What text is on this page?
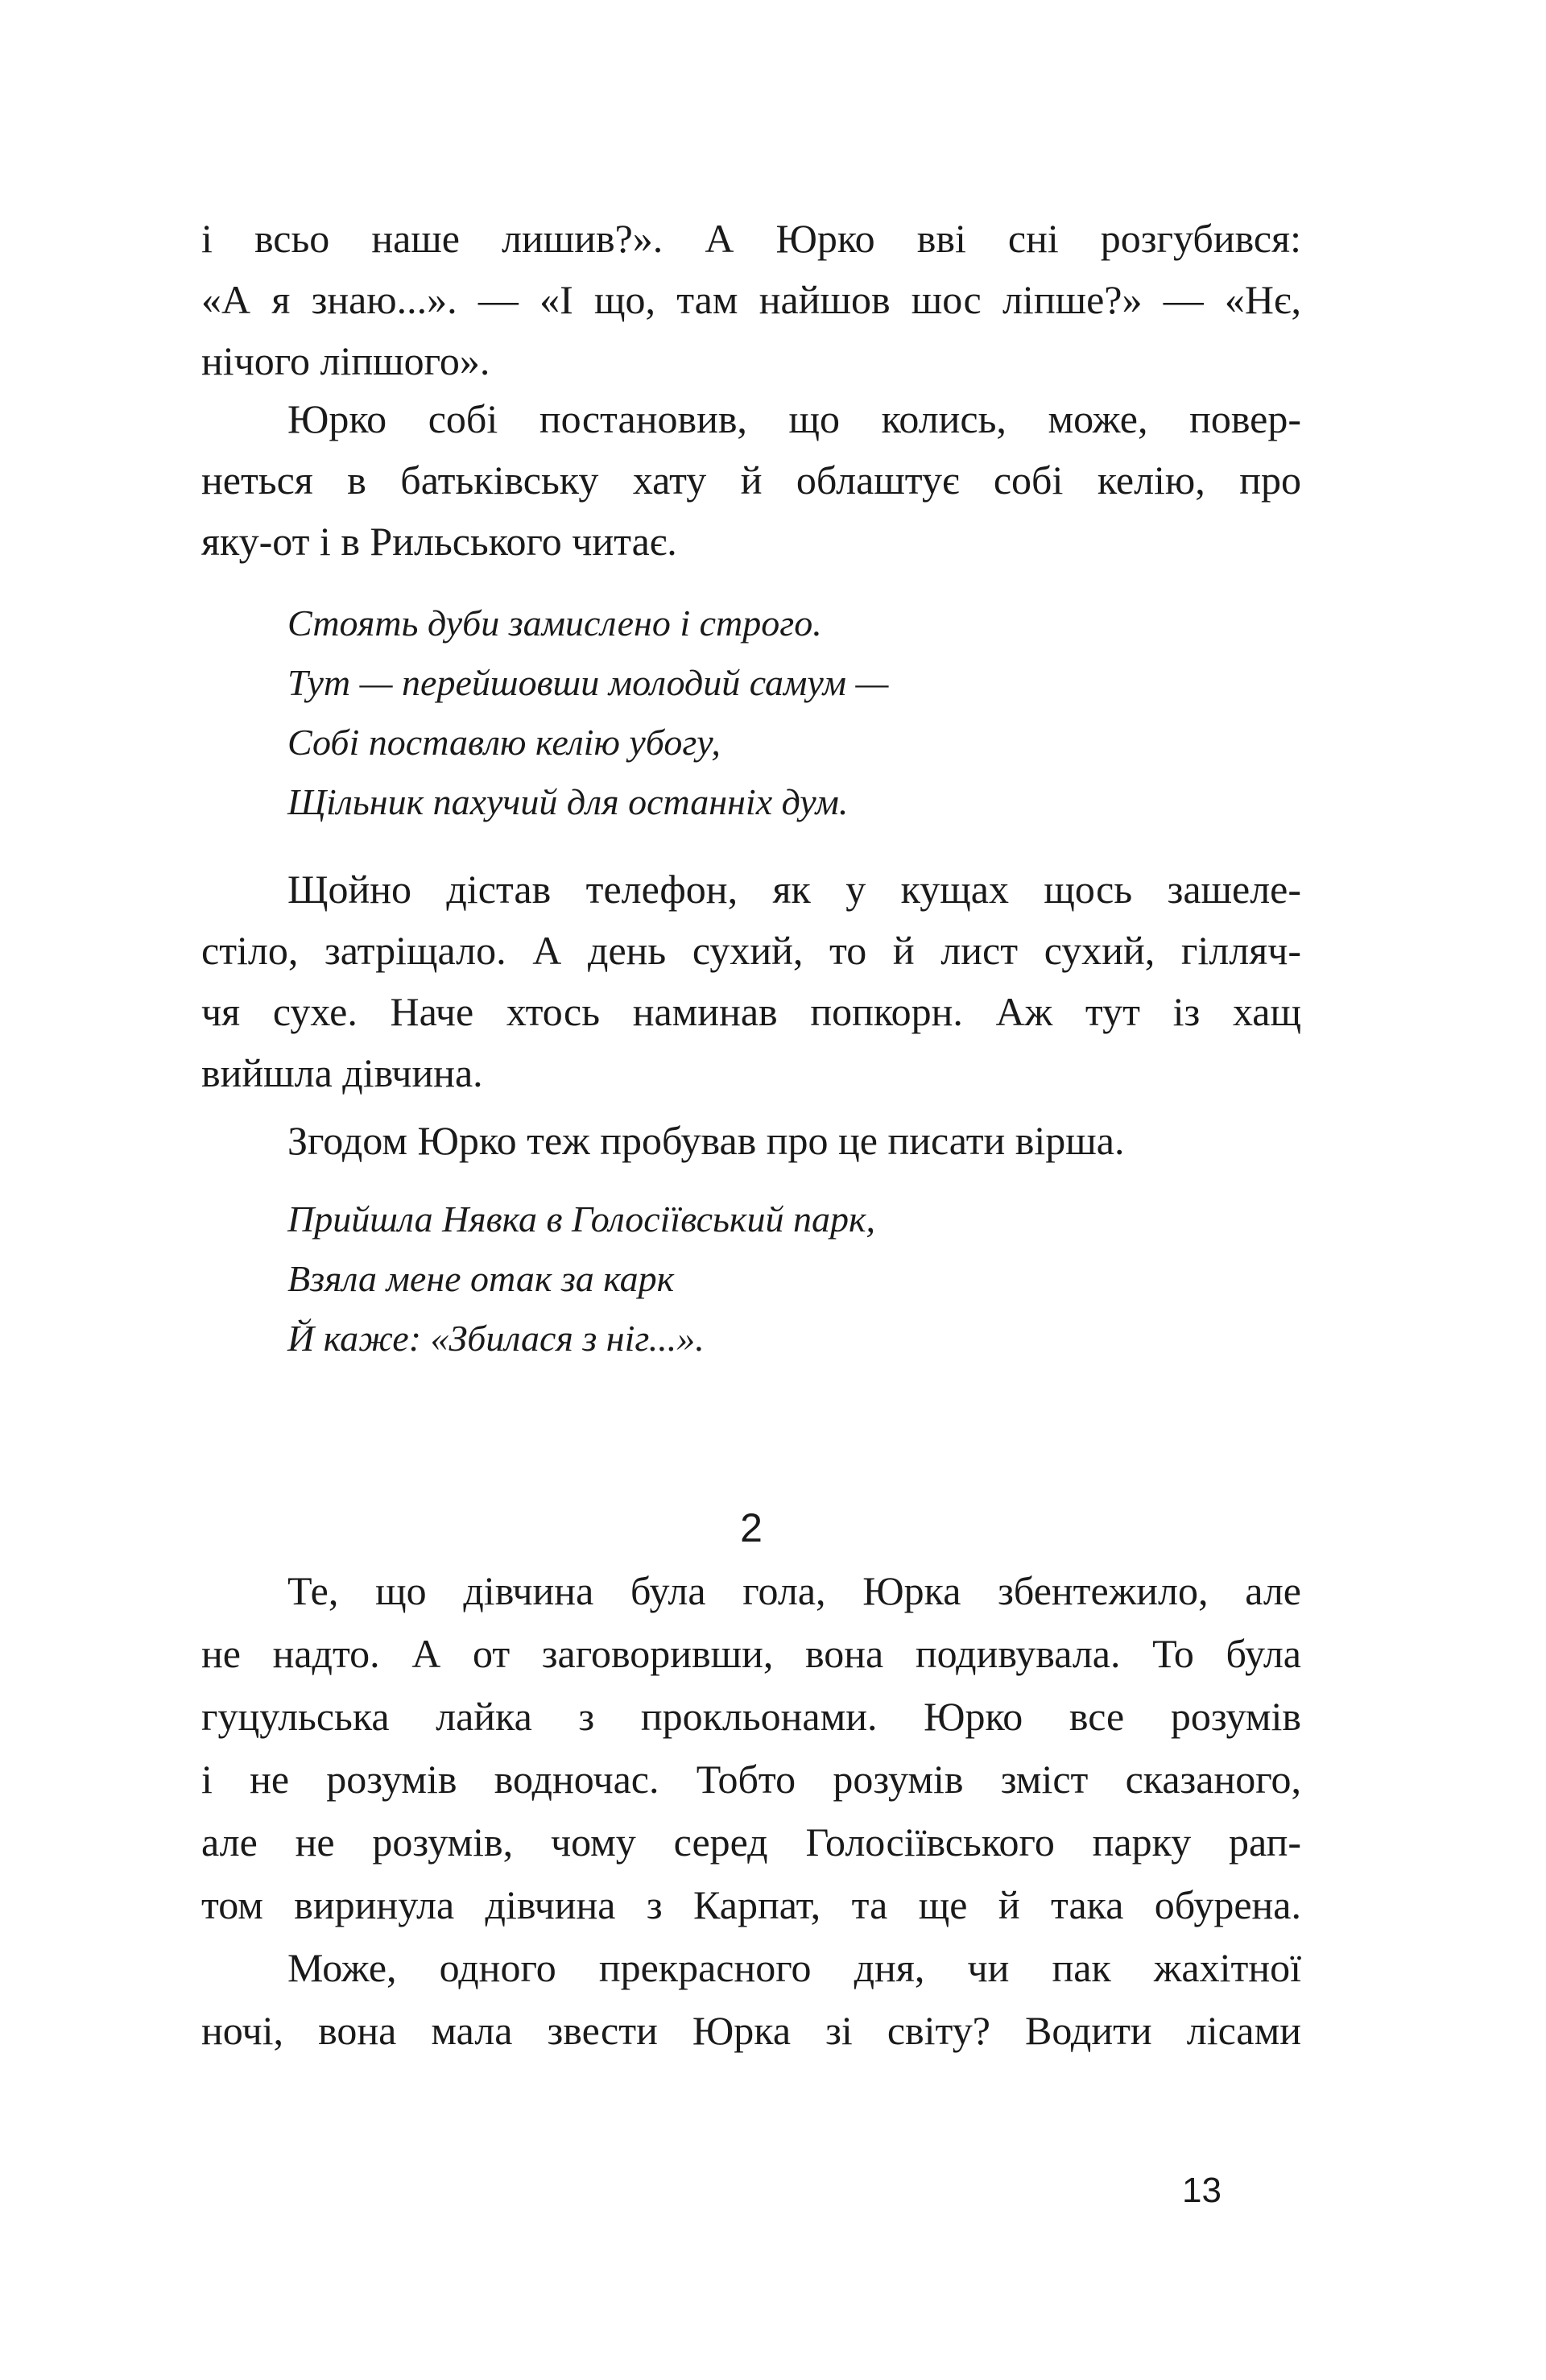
і всьо наше лишив?». А Юрко вві сні розгубився:
«А я знаю...». — «І що, там найшов шос ліпше?» — «Нє,
нічого ліпшого».
Юрко собі постановив, що колись, може, повер-
неться в батьківську хату й облаштує собі келію, про
яку-от і в Рильського читає.
Стоять дуби замислено і строго.
Тут — перейшовши молодий самум —
Собі поставлю келію убогу,
Щільник пахучий для останніх дум.
Щойно дістав телефон, як у кущах щось зашеле-
стіло, затріщало. А день сухий, то й лист сухий, гілляч-
чя сухе. Наче хтось наминав попкорн. Аж тут із хащ
вийшла дівчина.
Згодом Юрко теж пробував про це писати вірша.
Прийшла Нявка в Голосіївський парк,
Взяла мене отак за карк
Й каже: «Збилася з ніг...».
2
Те, що дівчина була гола, Юрка збентежило, але
не надто. А от заговоривши, вона подивувала. То була
гуцульська лайка з прокльонами. Юрко все розумів
і не розумів водночас. Тобто розумів зміст сказаного,
але не розумів, чому серед Голосіївського парку рап-
том виринула дівчина з Карпат, та ще й така обурена.
Може, одного прекрасного дня, чи пак жахітної
ночі, вона мала звести Юрка зі світу? Водити лісами
13
